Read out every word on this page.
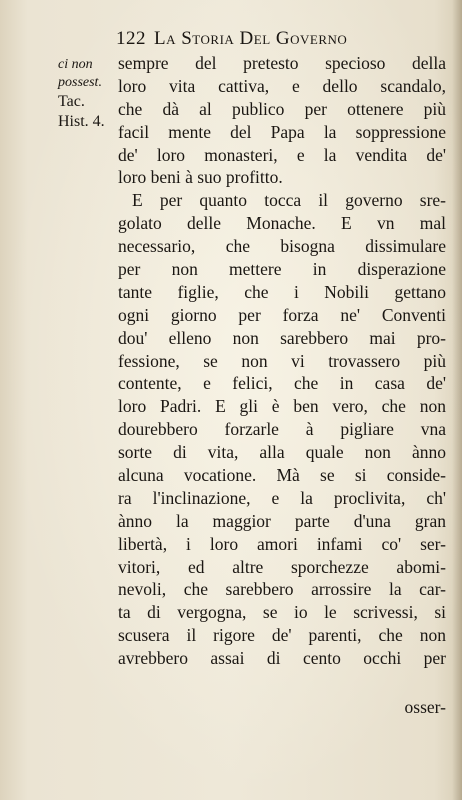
122 La Storia Del Governo
ci non
possest.
Tac.
Hist. 4.
sempre del pretesto specioso della
loro vita cattiva, e dello scandalo,
che dà al publico per ottenere più
facil mente del Papa la soppressione
de' loro monasteri, e la vendita de'
loro beni à suo profitto.
E per quanto tocca il governo sre-
golato delle Monache. E vn mal
necessario, che bisogna dissimulare
per non mettere in disperazione
tante figlie, che i Nobili gettano
ogni giorno per forza ne' Conventi
dou' elleno non sarebbero mai pro-
fessione, se non vi trovassero più
contente, e felici, che in casa de'
loro Padri. E gli è ben vero, che non
dourebbero forzarle à pigliare vna
sorte di vita, alla quale non ànno
alcuna vocatione. Mà se si conside-
ra l'inclinazione, e la proclivita, ch'
ànno la maggior parte d'una gran
libertà, i loro amori infami co' ser-
vitori, ed altre sporchezze abomi-
nevoli, che sarebbero arrossire la car-
ta di vergogna, se io le scrivessi, si
scusera il rigore de' parenti, che non
avrebbero assai di cento occhi per
osser-
